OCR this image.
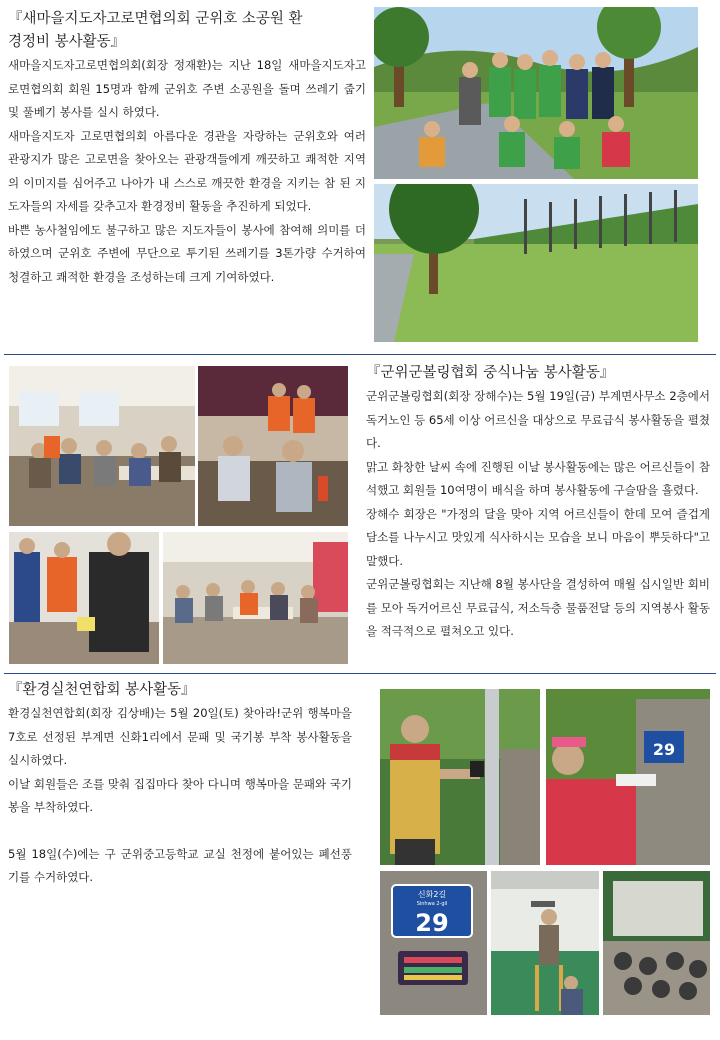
『새마을지도자고로면협의회 군위호 소공원 환
경정비 봉사활동』

새마을지도자고로면협의회(회장 정재환)는 지난 18일 새마을지도자고로면협의회 회원 15명과 함께 군위호 주변 소공원을 돌며 쓰레기 줍기 및 풀베기 봉사를 실시 하였다.

새마을지도자 고로면협의회 아름다운 경관을 자랑하는 군위호와 여러 관광지가 많은 고로면을 찾아오는 관광객들에게 깨끗하고 쾌적한 지역의 이미지를 심어주고 나아가 내 스스로 깨끗한 환경을 지키는 참 된 지도자들의 자세를 갖추고자 환경정비 활동을 추진하게 되었다.

바쁜 농사철임에도 불구하고 많은 지도자들이 봉사에 참여해 의미를 더 하였으며 군위호 주변에 무단으로 투기된 쓰레기를 3톤가량 수거하여 청결하고 쾌적한 환경을 조성하는데 크게 기여하였다.

『군위군볼링협회 중식나눔 봉사활동』

군위군볼링협회(회장 장해수)는 5월 19일(금) 부계면사무소 2층에서 독거노인 등 65세 이상 어르신을 대상으로 무료급식 봉사활동을 펼쳤다.

맑고 화창한 날씨 속에 진행된 이날 봉사활동에는 많은 어르신들이 참석했고 회원들 10여명이 배식을 하며 봉사활동에 구슬땀을 흘렸다.

장해수 회장은 "가정의 달을 맞아 지역 어르신들이 한데 모여 즐겁게 담소를 나누시고 맛있게 식사하시는 모습을 보니 마음이 뿌듯하다"고 말했다.

군위군볼링협회는 지난해 8월 봉사단을 결성하여 매월 십시일반 회비를 모아 독거어르신 무료급식, 저소득층 물품전달 등의 지역봉사 활동을 적극적으로 펼쳐오고 있다.

『환경실천연합회 봉사활동』

환경실천연합회(회장 김상배)는 5월 20일(토) 찾아라!군위 행복마을 7호로 선정된 부계면 신화1리에서 문패 및 국기봉 부착 봉사활동을 실시하였다.

이날 회원들은 조를 맞춰 집집마다 찾아 다니며 행복마을 문패와 국기봉을 부착하였다.

5월 18일(수)에는 구 군위중고등학교 교실 천정에 붙어있는 폐선풍기를 수거하였다.

29
신화2길
Sinhwa 2-gil
29
